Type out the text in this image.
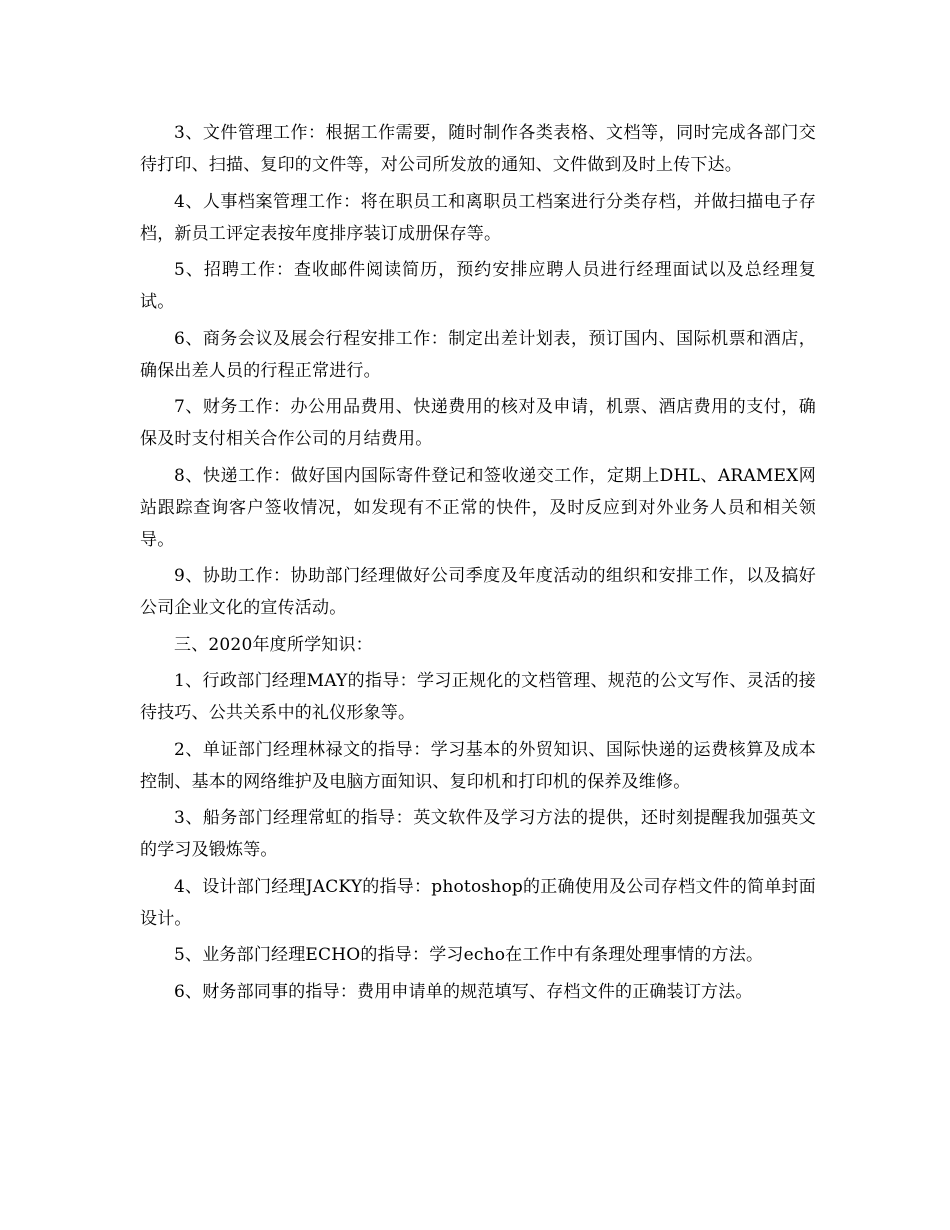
3、文件管理工作：根据工作需要，随时制作各类表格、文档等，同时完成各部门交待打印、扫描、复印的文件等，对公司所发放的通知、文件做到及时上传下达。

4、人事档案管理工作：将在职员工和离职员工档案进行分类存档，并做扫描电子存档，新员工评定表按年度排序装订成册保存等。

5、招聘工作：查收邮件阅读简历，预约安排应聘人员进行经理面试以及总经理复试。

6、商务会议及展会行程安排工作：制定出差计划表，预订国内、国际机票和酒店，确保出差人员的行程正常进行。

7、财务工作：办公用品费用、快递费用的核对及申请，机票、酒店费用的支付，确保及时支付相关合作公司的月结费用。

8、快递工作：做好国内国际寄件登记和签收递交工作，定期上DHL、ARAMEX网站跟踪查询客户签收情况，如发现有不正常的快件，及时反应到对外业务人员和相关领导。

9、协助工作：协助部门经理做好公司季度及年度活动的组织和安排工作，以及搞好公司企业文化的宣传活动。

三、2020年度所学知识：

1、行政部门经理MAY的指导：学习正规化的文档管理、规范的公文写作、灵活的接待技巧、公共关系中的礼仪形象等。

2、单证部门经理林禄文的指导：学习基本的外贸知识、国际快递的运费核算及成本控制、基本的网络维护及电脑方面知识、复印机和打印机的保养及维修。

3、船务部门经理常虹的指导：英文软件及学习方法的提供，还时刻提醒我加强英文的学习及锻炼等。

4、设计部门经理JACKY的指导：photoshop的正确使用及公司存档文件的简单封面设计。

5、业务部门经理ECHO的指导：学习echo在工作中有条理处理事情的方法。

6、财务部同事的指导：费用申请单的规范填写、存档文件的正确装订方法。
